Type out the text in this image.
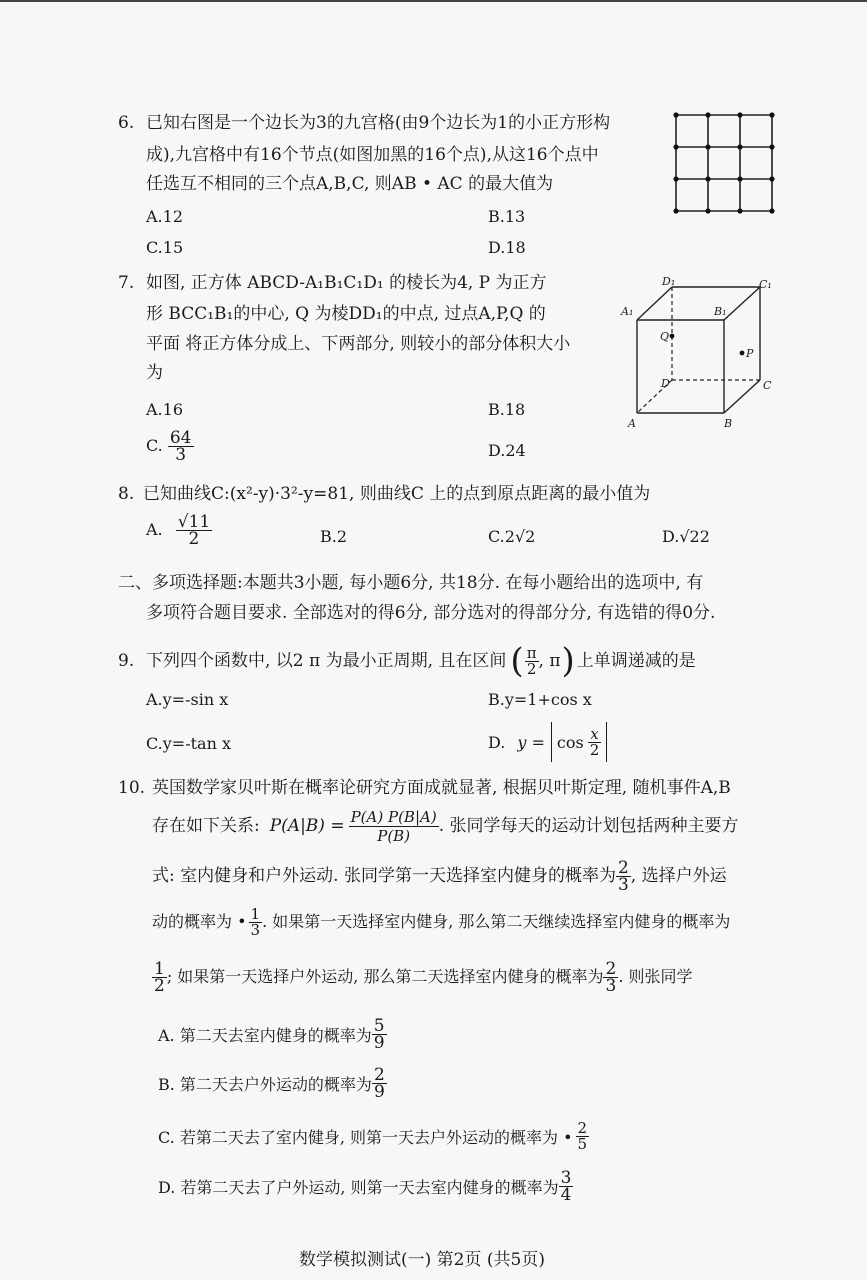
6. 已知右图是一个边长为3的九宫格(由9个边长为1的小正方形构
成),九宫格中有16个节点(如图加黑的16个点),从这16个点中
任选互不相同的三个点A,B,C, 则AB • AC 的最大值为
A.12	B.13
C.15	D.18
7. 如图, 正方体 ABCD-A₁B₁C₁D₁ 的棱长为4, P 为正方
形 BCC₁B₁的中心, Q 为棱DD₁的中点, 过点A,P,Q 的
平面 将正方体分成上、下两部分, 则较小的部分体积大小
为
A.16	B.18
C. $\frac{64}{3}$	D.24
D₁	C₁
A₁	B₁
Q
P
D	C
A	B
8. 已知曲线C:(x²-y)·3²-y=81, 则曲线C 上的点到原点距离的最小值为
A. $\frac{√11}{2}$	B.2	C.2√2	D.√22
二、多项选择题:本题共3小题, 每小题6分, 共18分. 在每小题给出的选项中, 有
多项符合题目要求. 全部选对的得6分, 部分选对的得部分分, 有选错的得0分.
9. 下列四个函数中, 以2 π 为最小正周期, 且在区间 ( $\frac{\pi}{2}$ , π ) 上单调递减的是
A.y=-sin x	B.y=1+cos x
C.y=-tan x	D. $y = \cos \frac{x}{2}$
10. 英国数学家贝叶斯在概率论研究方面成就显著, 根据贝叶斯定理, 随机事件A,B
存在如下关系: $P(A|B) = \frac{P(A) P(B|A)}{P(B)}$ . 张同学每天的运动计划包括两种主要方
式: 室内健身和户外运动. 张同学第一天选择室内健身的概率为 $\frac{2}{3}$ , 选择户外运
动的概率为 • $\frac{1}{3}$ . 如果第一天选择室内健身, 那么第二天继续选择室内健身的概率为
$\frac{1}{2}$ ; 如果第一天选择户外运动, 那么第二天选择室内健身的概率为 $\frac{2}{3}$ . 则张同学
A. 第二天去室内健身的概率为 $\frac{5}{9}$
B. 第二天去户外运动的概率为 $\frac{2}{9}$
C. 若第二天去了室内健身, 则第一天去户外运动的概率为 • $\frac{2}{5}$
D. 若第二天去了户外运动, 则第一天去室内健身的概率为 $\frac{3}{4}$
数学模拟测试(一) 第2页 (共5页)
